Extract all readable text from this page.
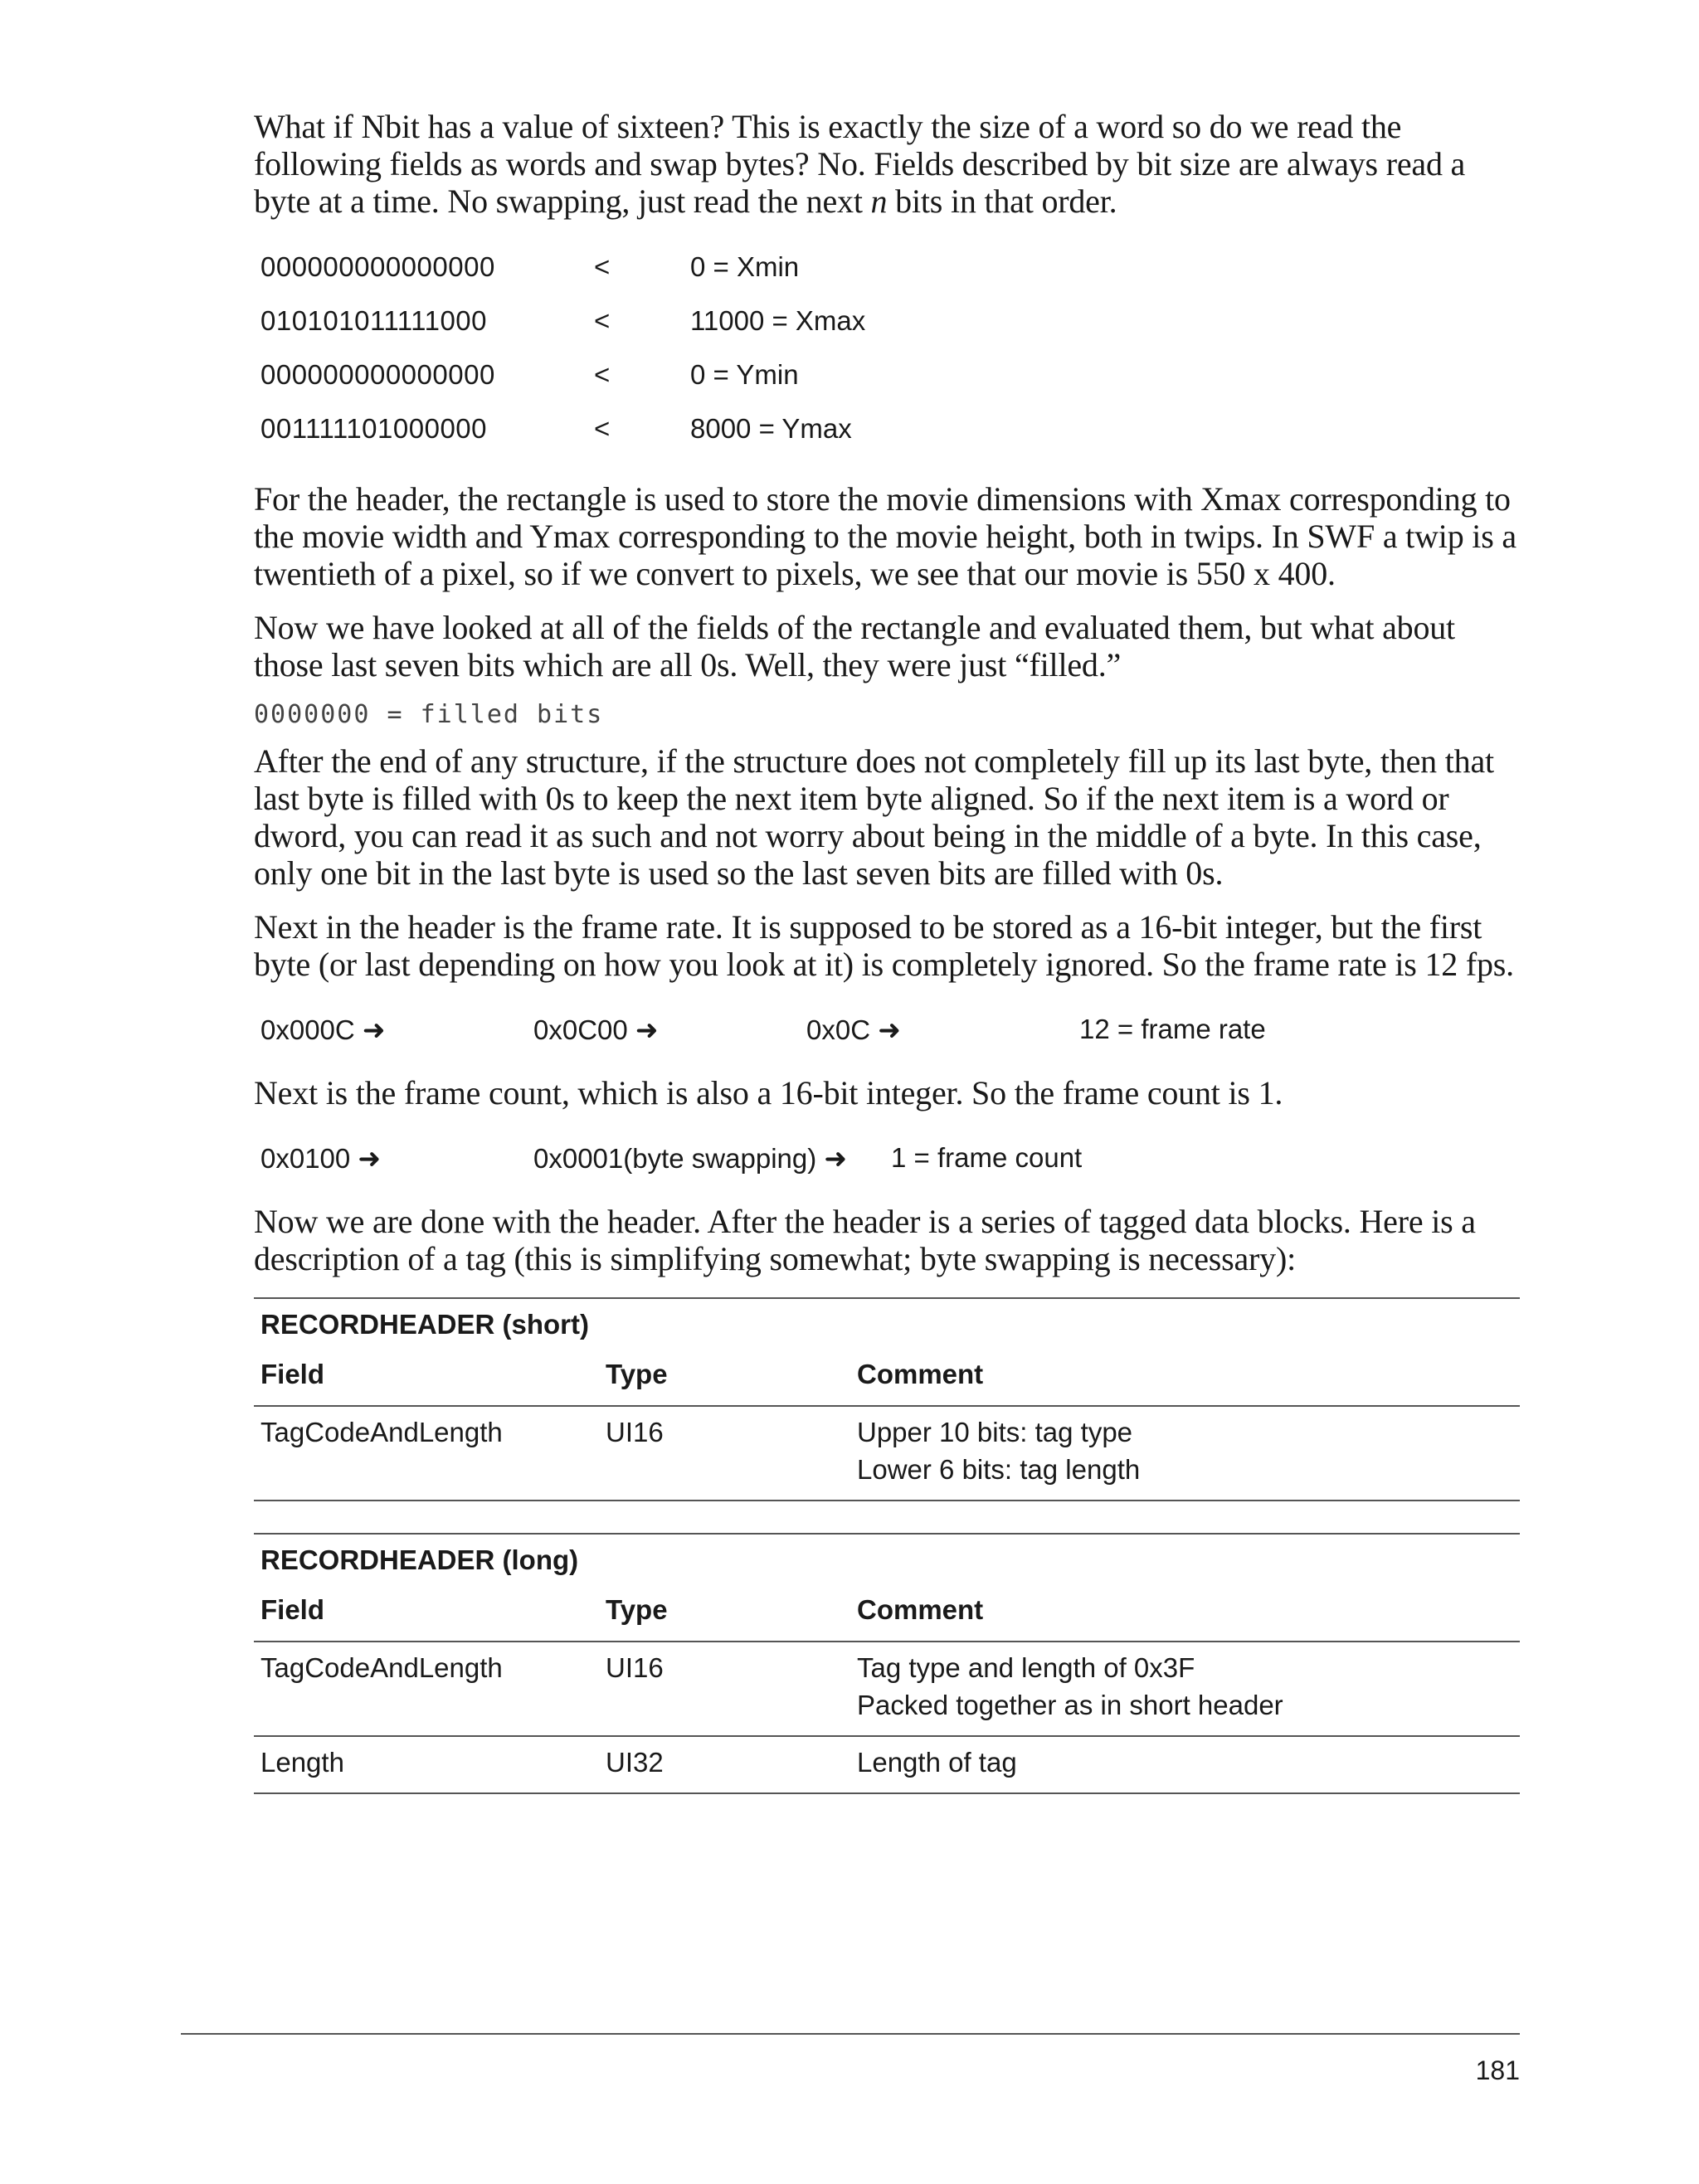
What if Nbit has a value of sixteen? This is exactly the size of a word so do we read the following fields as words and swap bytes? No. Fields described by bit size are always read a byte at a time. No swapping, just read the next n bits in that order.

000000000000000	<	0 = Xmin
010101011111000	<	11000 = Xmax
000000000000000	<	0 = Ymin
001111101000000	<	8000 = Ymax

For the header, the rectangle is used to store the movie dimensions with Xmax corresponding to the movie width and Ymax corresponding to the movie height, both in twips. In SWF a twip is a twentieth of a pixel, so if we convert to pixels, we see that our movie is 550 x 400.

Now we have looked at all of the fields of the rectangle and evaluated them, but what about those last seven bits which are all 0s. Well, they were just “filled.”

0000000 = filled bits

After the end of any structure, if the structure does not completely fill up its last byte, then that last byte is filled with 0s to keep the next item byte aligned. So if the next item is a word or dword, you can read it as such and not worry about being in the middle of a byte. In this case, only one bit in the last byte is used so the last seven bits are filled with 0s.

Next in the header is the frame rate. It is supposed to be stored as a 16-bit integer, but the first byte (or last depending on how you look at it) is completely ignored. So the frame rate is 12 fps.

0x000C ➜	0x0C00 ➜	0x0C ➜	12 = frame rate

Next is the frame count, which is also a 16-bit integer. So the frame count is 1.

0x0100 ➜	0x0001(byte swapping) ➜	1 = frame count

Now we are done with the header. After the header is a series of tagged data blocks. Here is a description of a tag (this is simplifying somewhat; byte swapping is necessary):

RECORDHEADER (short)		
Field	Type	Comment
TagCodeAndLength	UI16	Upper 10 bits: tag type
Lower 6 bits: tag length
RECORDHEADER (long)		
Field	Type	Comment
TagCodeAndLength	UI16	Tag type and length of 0x3F
Packed together as in short header

Length	UI32	Length of tag
181
